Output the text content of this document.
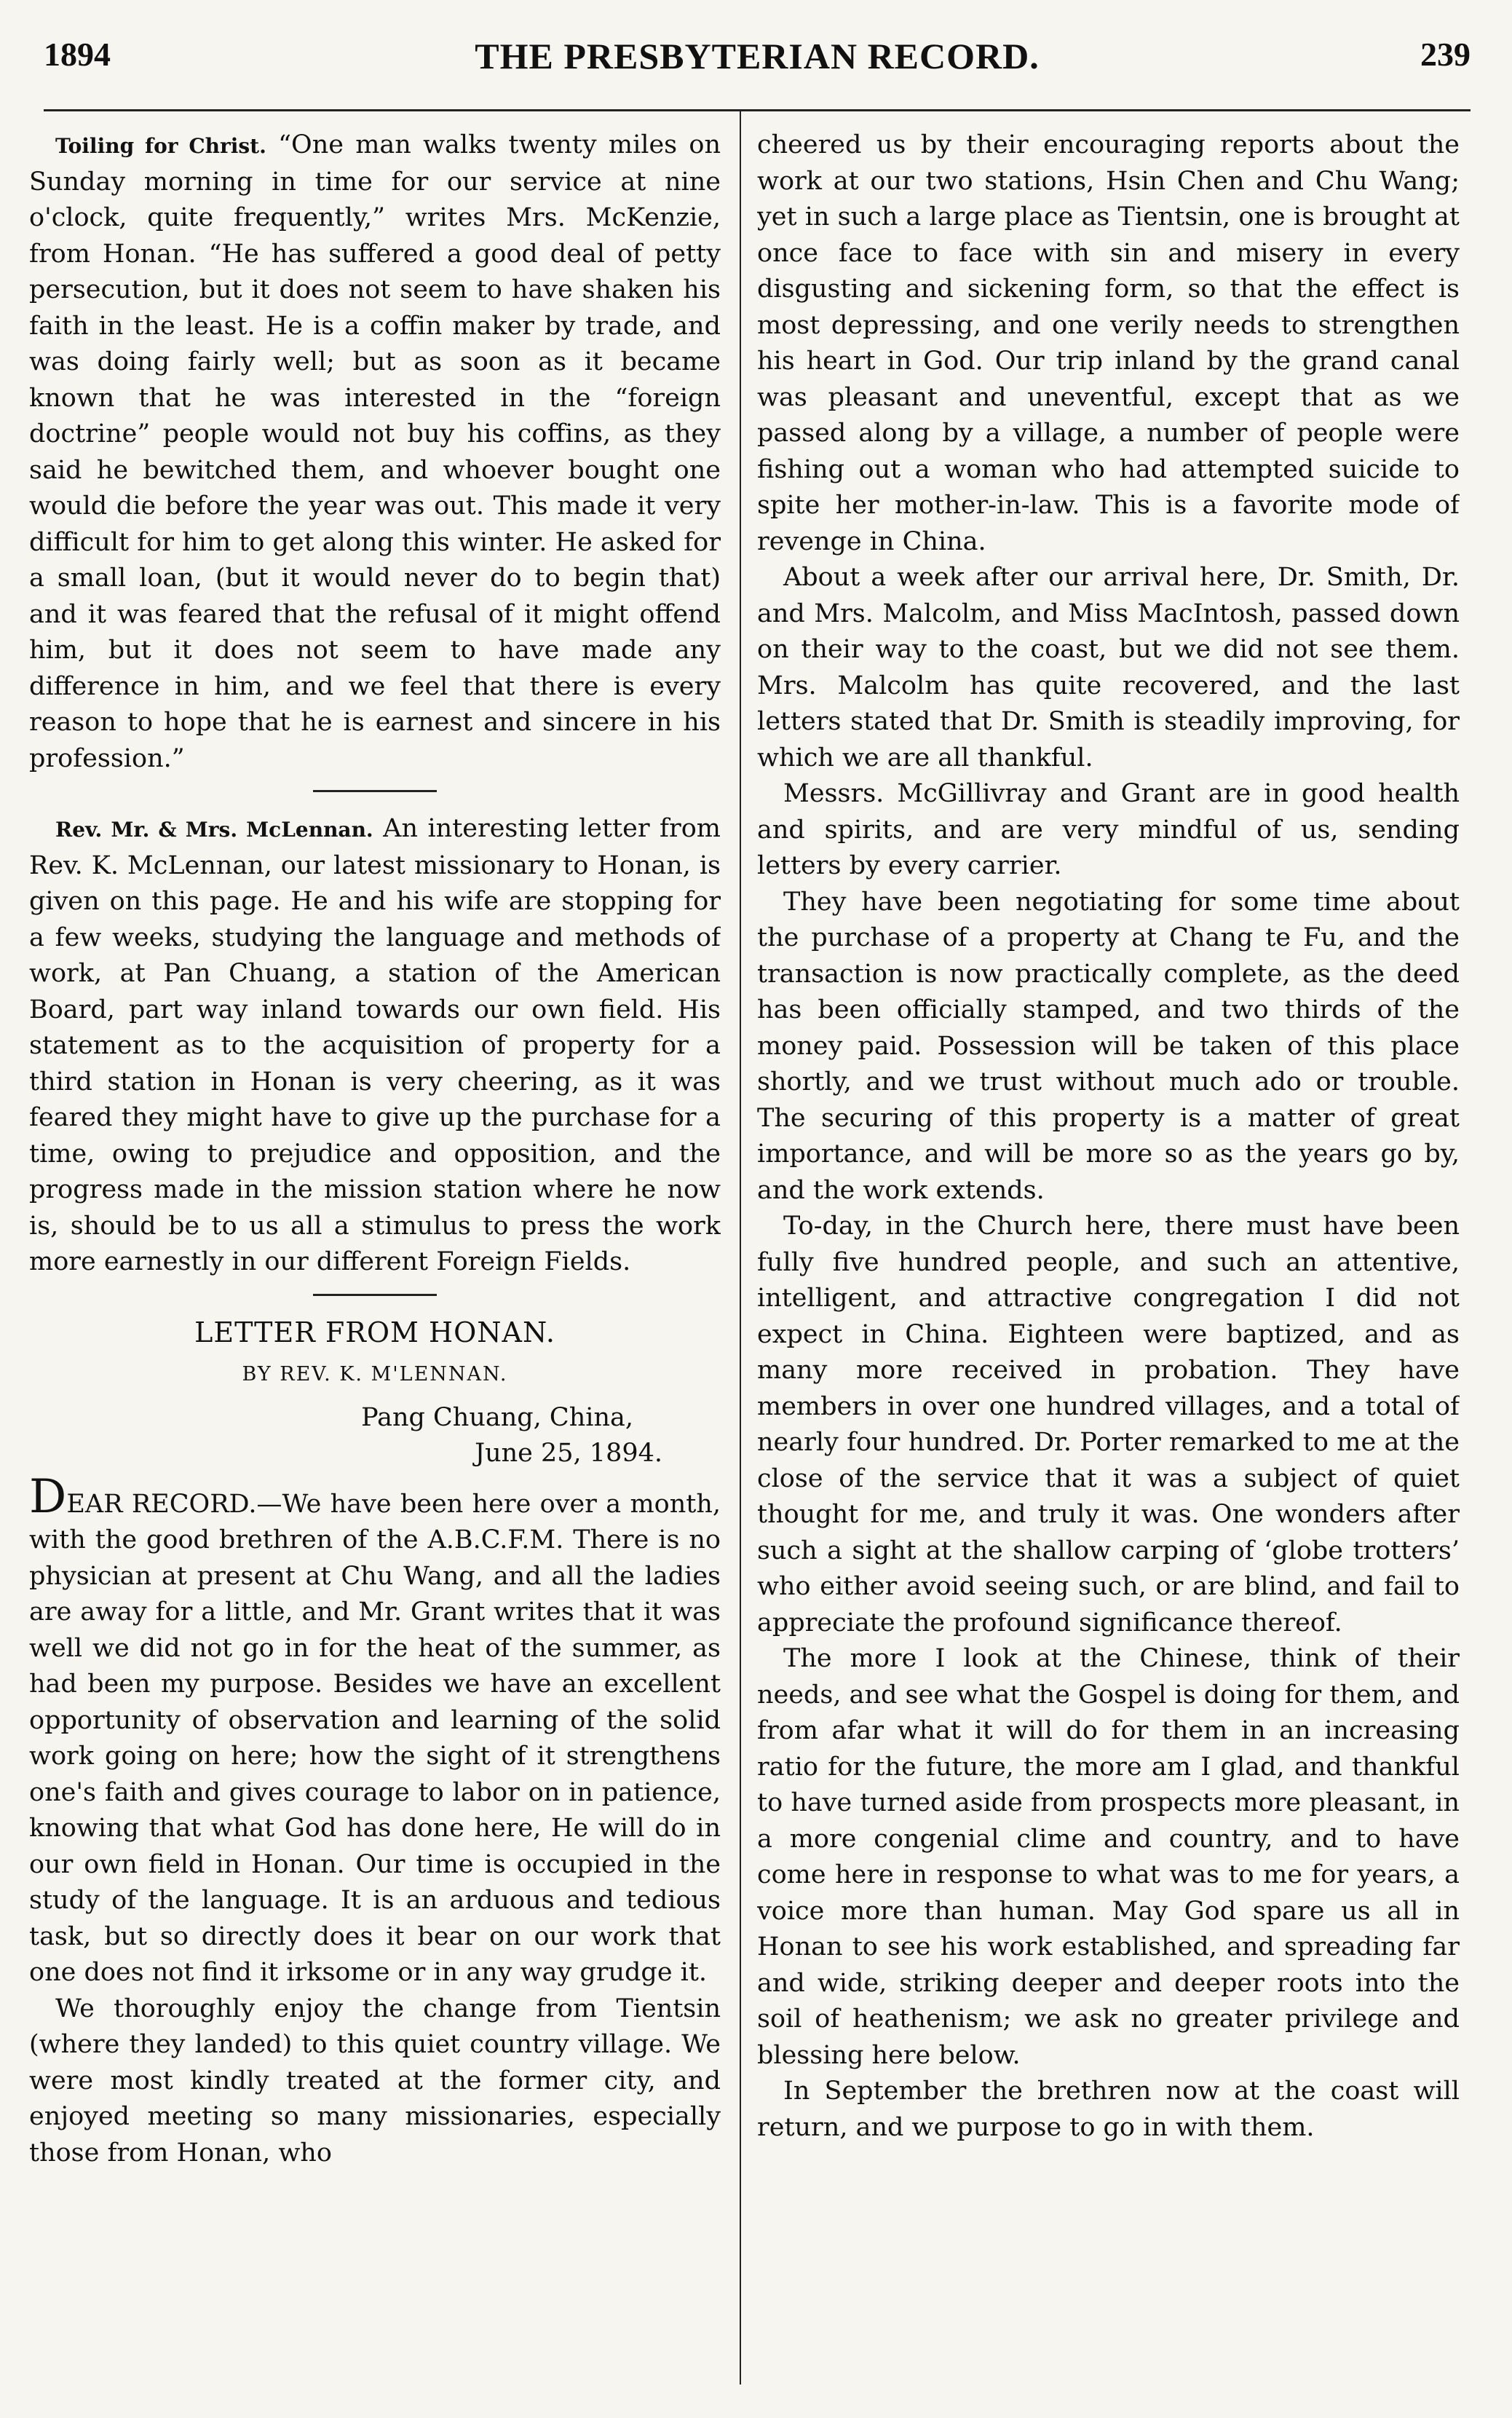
1894	THE PRESBYTERIAN RECORD.	239

Toiling for Christ. “One man walks twenty miles on Sunday morning in time for our service at nine o'clock, quite frequently,” writes Mrs. McKenzie, from Honan. “He has suffered a good deal of petty persecution, but it does not seem to have shaken his faith in the least. He is a coffin maker by trade, and was doing fairly well; but as soon as it became known that he was interested in the “foreign doctrine” people would not buy his coffins, as they said he bewitched them, and whoever bought one would die before the year was out. This made it very difficult for him to get along this winter. He asked for a small loan, (but it would never do to begin that) and it was feared that the refusal of it might offend him, but it does not seem to have made any difference in him, and we feel that there is every reason to hope that he is earnest and sincere in his profession.”

Rev. Mr. & Mrs. McLennan. An interesting letter from Rev. K. McLennan, our latest missionary to Honan, is given on this page. He and his wife are stopping for a few weeks, studying the language and methods of work, at Pan Chuang, a station of the American Board, part way inland towards our own field. His statement as to the acquisition of property for a third station in Honan is very cheering, as it was feared they might have to give up the purchase for a time, owing to prejudice and opposition, and the progress made in the mission station where he now is, should be to us all a stimulus to press the work more earnestly in our different Foreign Fields.

LETTER FROM HONAN.
BY REV. K. M'LENNAN.

Pang Chuang, China,

June 25, 1894.

DEAR RECORD.—We have been here over a month, with the good brethren of the A.B.C.F.M. There is no physician at present at Chu Wang, and all the ladies are away for a little, and Mr. Grant writes that it was well we did not go in for the heat of the summer, as had been my purpose. Besides we have an excellent opportunity of observation and learning of the solid work going on here; how the sight of it strengthens one's faith and gives courage to labor on in patience, knowing that what God has done here, He will do in our own field in Honan. Our time is occupied in the study of the language. It is an arduous and tedious task, but so directly does it bear on our work that one does not find it irksome or in any way grudge it.

We thoroughly enjoy the change from Tientsin (where they landed) to this quiet country village. We were most kindly treated at the former city, and enjoyed meeting so many missionaries, especially those from Honan, who

cheered us by their encouraging reports about the work at our two stations, Hsin Chen and Chu Wang; yet in such a large place as Tientsin, one is brought at once face to face with sin and misery in every disgusting and sickening form, so that the effect is most depressing, and one verily needs to strengthen his heart in God. Our trip inland by the grand canal was pleasant and uneventful, except that as we passed along by a village, a number of people were fishing out a woman who had attempted suicide to spite her mother-in-law. This is a favorite mode of revenge in China.

About a week after our arrival here, Dr. Smith, Dr. and Mrs. Malcolm, and Miss MacIntosh, passed down on their way to the coast, but we did not see them. Mrs. Malcolm has quite recovered, and the last letters stated that Dr. Smith is steadily improving, for which we are all thankful.

Messrs. McGillivray and Grant are in good health and spirits, and are very mindful of us, sending letters by every carrier.

They have been negotiating for some time about the purchase of a property at Chang te Fu, and the transaction is now practically complete, as the deed has been officially stamped, and two thirds of the money paid. Possession will be taken of this place shortly, and we trust without much ado or trouble. The securing of this property is a matter of great importance, and will be more so as the years go by, and the work extends.

To-day, in the Church here, there must have been fully five hundred people, and such an attentive, intelligent, and attractive congregation I did not expect in China. Eighteen were baptized, and as many more received in probation. They have members in over one hundred villages, and a total of nearly four hundred. Dr. Porter remarked to me at the close of the service that it was a subject of quiet thought for me, and truly it was. One wonders after such a sight at the shallow carping of ‘globe trotters’ who either avoid seeing such, or are blind, and fail to appreciate the profound significance thereof.

The more I look at the Chinese, think of their needs, and see what the Gospel is doing for them, and from afar what it will do for them in an increasing ratio for the future, the more am I glad, and thankful to have turned aside from prospects more pleasant, in a more congenial clime and country, and to have come here in response to what was to me for years, a voice more than human. May God spare us all in Honan to see his work established, and spreading far and wide, striking deeper and deeper roots into the soil of heathenism; we ask no greater privilege and blessing here below.

In September the brethren now at the coast will return, and we purpose to go in with them.
